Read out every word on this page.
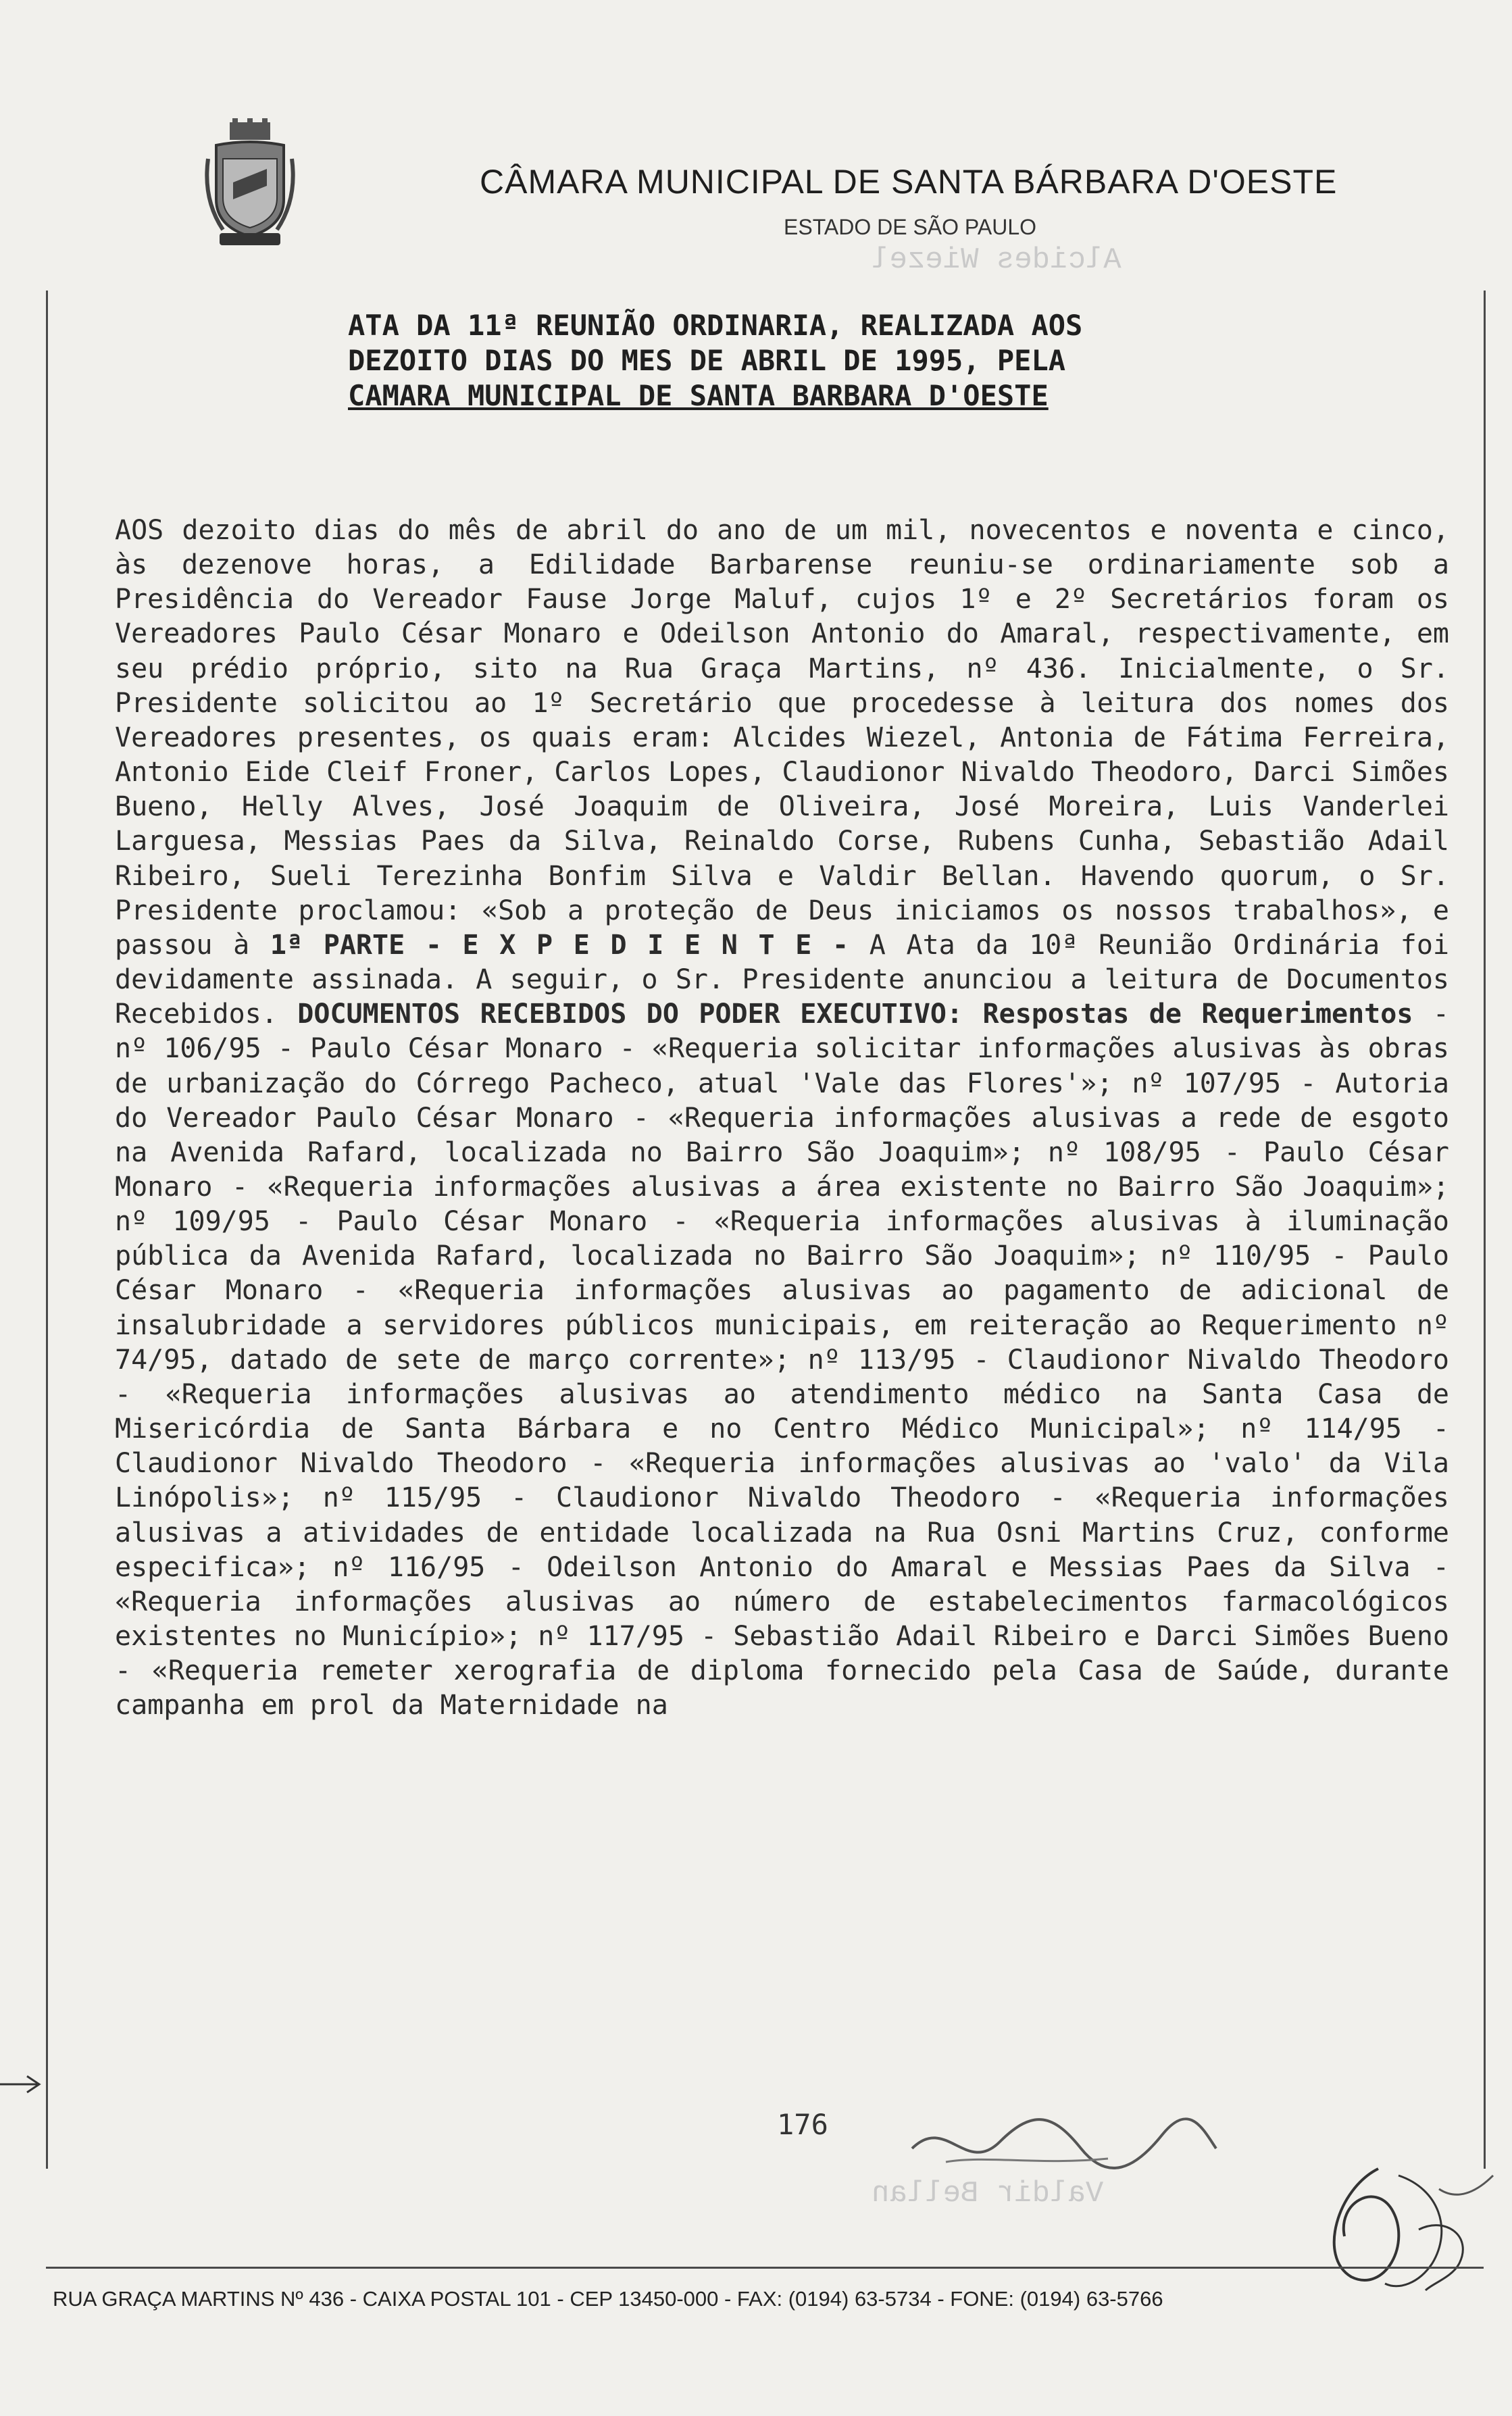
CÂMARA MUNICIPAL DE SANTA BÁRBARA D'OESTE
ESTADO DE SÃO PAULO
Alcides Wiezel
ATA DA 11ª REUNIÃO ORDINARIA, REALIZADA AOS
DEZOITO DIAS DO MES DE ABRIL DE 1995, PELA
CAMARA MUNICIPAL DE SANTA BARBARA D'OESTE
AOS dezoito dias do mês de abril do ano de um mil, novecentos e noventa e cinco, às dezenove horas, a Edilidade Barbarense reuniu-se ordinariamente sob a Presidência do Vereador Fause Jorge Maluf, cujos 1º e 2º Secretários foram os Vereadores Paulo César Monaro e Odeilson Antonio do Amaral, respectivamente, em seu prédio próprio, sito na Rua Graça Martins, nº 436. Inicialmente, o Sr. Presidente solicitou ao 1º Secretário que procedesse à leitura dos nomes dos Vereadores presentes, os quais eram: Alcides Wiezel, Antonia de Fátima Ferreira, Antonio Eide Cleif Froner, Carlos Lopes, Claudionor Nivaldo Theodoro, Darci Simões Bueno, Helly Alves, José Joaquim de Oliveira, José Moreira, Luis Vanderlei Larguesa, Messias Paes da Silva, Reinaldo Corse, Rubens Cunha, Sebastião Adail Ribeiro, Sueli Terezinha Bonfim Silva e Valdir Bellan. Havendo quorum, o Sr. Presidente proclamou: «Sob a proteção de Deus iniciamos os nossos trabalhos», e passou à 1ª PARTE - E X P E D I E N T E - A Ata da 10ª Reunião Ordinária foi devidamente assinada. A seguir, o Sr. Presidente anunciou a leitura de Documentos Recebidos. DOCUMENTOS RECEBIDOS DO PODER EXECUTIVO: Respostas de Requerimentos - nº 106/95 - Paulo César Monaro - «Requeria solicitar informações alusivas às obras de urbanização do Córrego Pacheco, atual 'Vale das Flores'»; nº 107/95 - Autoria do Vereador Paulo César Monaro - «Requeria informações alusivas a rede de esgoto na Avenida Rafard, localizada no Bairro São Joaquim»; nº 108/95 - Paulo César Monaro - «Requeria informações alusivas a área existente no Bairro São Joaquim»; nº 109/95 - Paulo César Monaro - «Requeria informações alusivas à iluminação pública da Avenida Rafard, localizada no Bairro São Joaquim»; nº 110/95 - Paulo César Monaro - «Requeria informações alusivas ao pagamento de adicional de insalubridade a servidores públicos municipais, em reiteração ao Requerimento nº 74/95, datado de sete de março corrente»; nº 113/95 - Claudionor Nivaldo Theodoro - «Requeria informações alusivas ao atendimento médico na Santa Casa de Misericórdia de Santa Bárbara e no Centro Médico Municipal»; nº 114/95 - Claudionor Nivaldo Theodoro - «Requeria informações alusivas ao 'valo' da Vila Linópolis»; nº 115/95 - Claudionor Nivaldo Theodoro - «Requeria informações alusivas a atividades de entidade localizada na Rua Osni Martins Cruz, conforme especifica»; nº 116/95 - Odeilson Antonio do Amaral e Messias Paes da Silva - «Requeria informações alusivas ao número de estabelecimentos farmacológicos existentes no Município»; nº 117/95 - Sebastião Adail Ribeiro e Darci Simões Bueno - «Requeria remeter xerografia de diploma fornecido pela Casa de Saúde, durante campanha em prol da Maternidade na
Valdir Bellan
176
RUA GRAÇA MARTINS Nº 436 - CAIXA POSTAL 101 - CEP 13450-000 - FAX: (0194) 63-5734 - FONE: (0194) 63-5766
